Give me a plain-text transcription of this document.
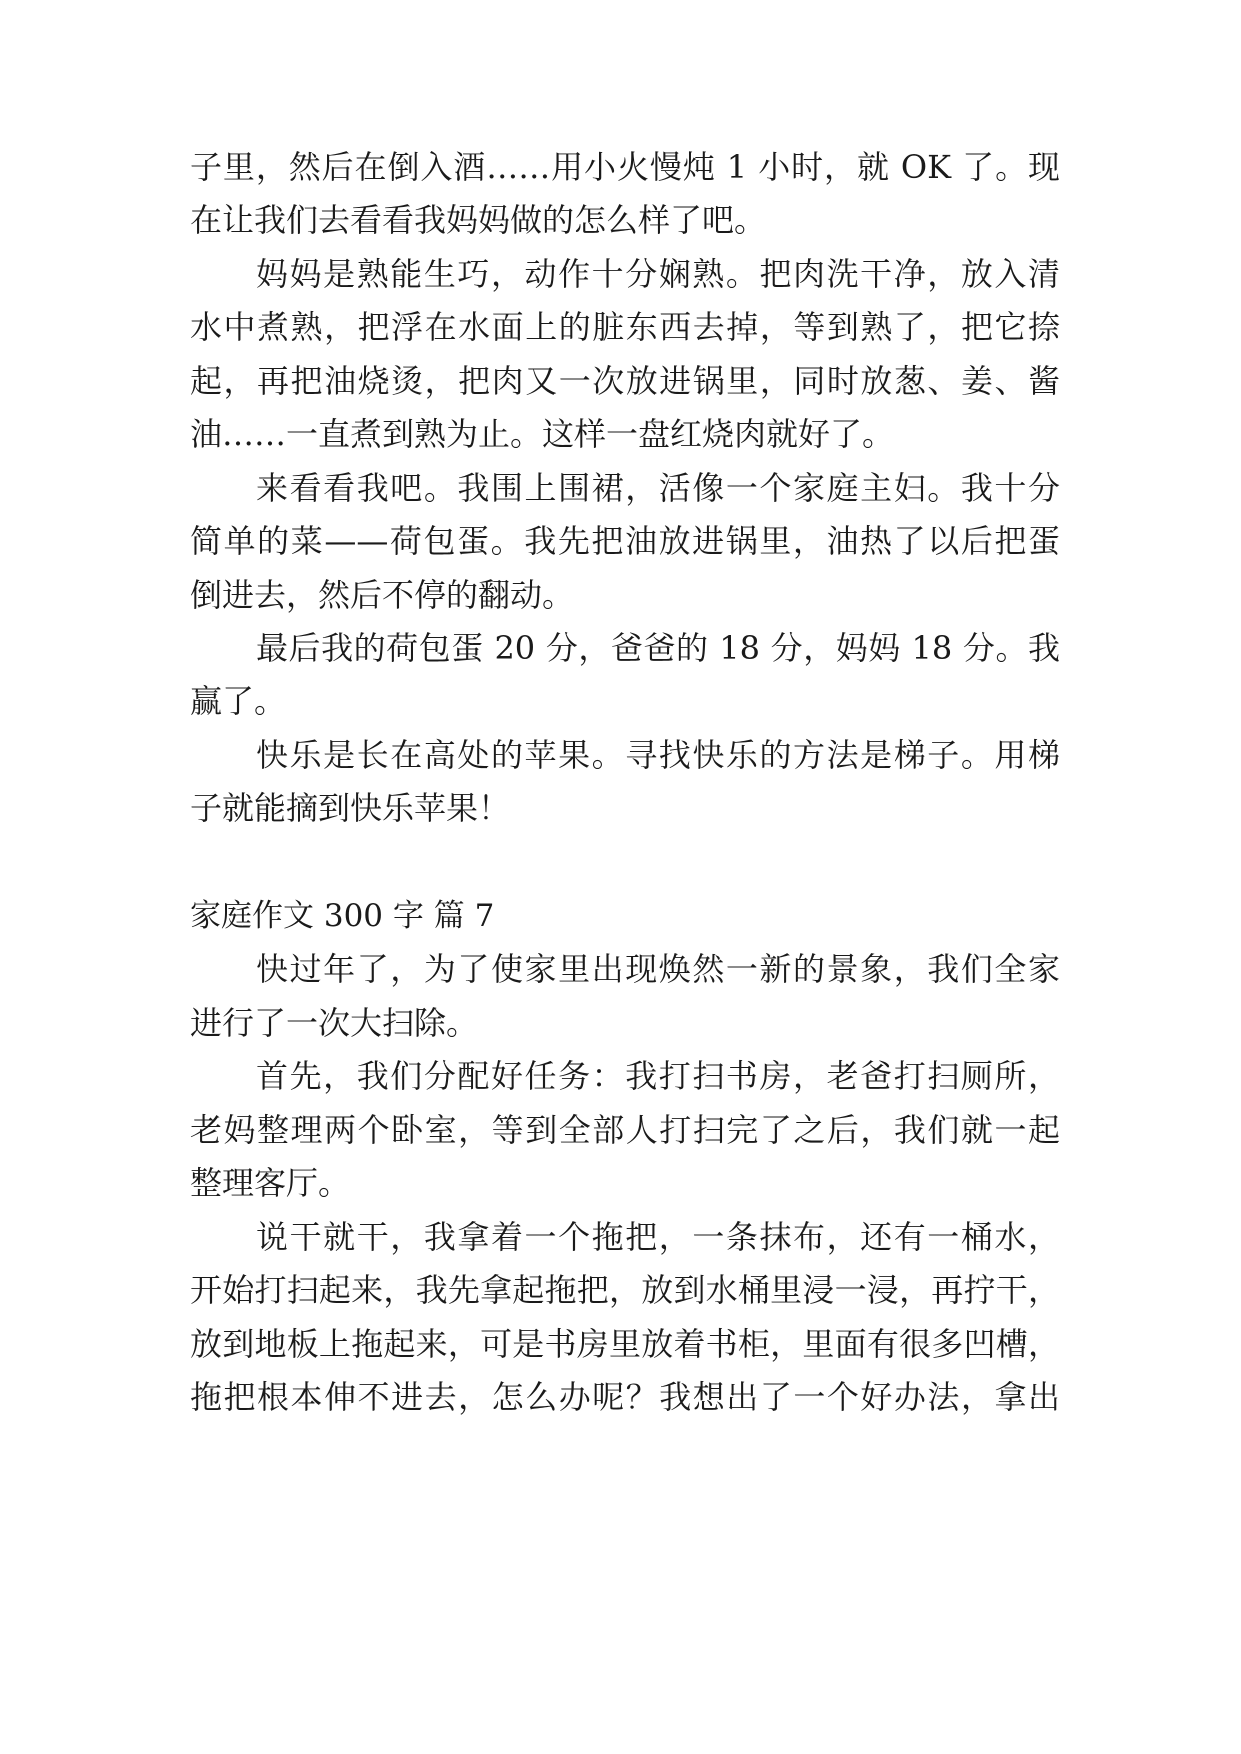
子里，然后在倒入酒……用小火慢炖 1 小时，就 OK 了。现
在让我们去看看我妈妈做的怎么样了吧。
妈妈是熟能生巧，动作十分娴熟。把肉洗干净，放入清
水中煮熟，把浮在水面上的脏东西去掉，等到熟了，把它捺
起，再把油烧烫，把肉又一次放进锅里，同时放葱、姜、酱
油……一直煮到熟为止。这样一盘红烧肉就好了。
来看看我吧。我围上围裙，活像一个家庭主妇。我十分
简单的菜——荷包蛋。我先把油放进锅里，油热了以后把蛋
倒进去，然后不停的翻动。
最后我的荷包蛋 20 分，爸爸的 18 分，妈妈 18 分。我
赢了。
快乐是长在高处的苹果。寻找快乐的方法是梯子。用梯
子就能摘到快乐苹果！
家庭作文 300 字 篇 7
快过年了，为了使家里出现焕然一新的景象，我们全家
进行了一次大扫除。
首先，我们分配好任务：我打扫书房，老爸打扫厕所，
老妈整理两个卧室，等到全部人打扫完了之后，我们就一起
整理客厅。
说干就干，我拿着一个拖把，一条抹布，还有一桶水，
开始打扫起来，我先拿起拖把，放到水桶里浸一浸，再拧干，
放到地板上拖起来，可是书房里放着书柜，里面有很多凹槽，
拖把根本伸不进去，怎么办呢？我想出了一个好办法，拿出
